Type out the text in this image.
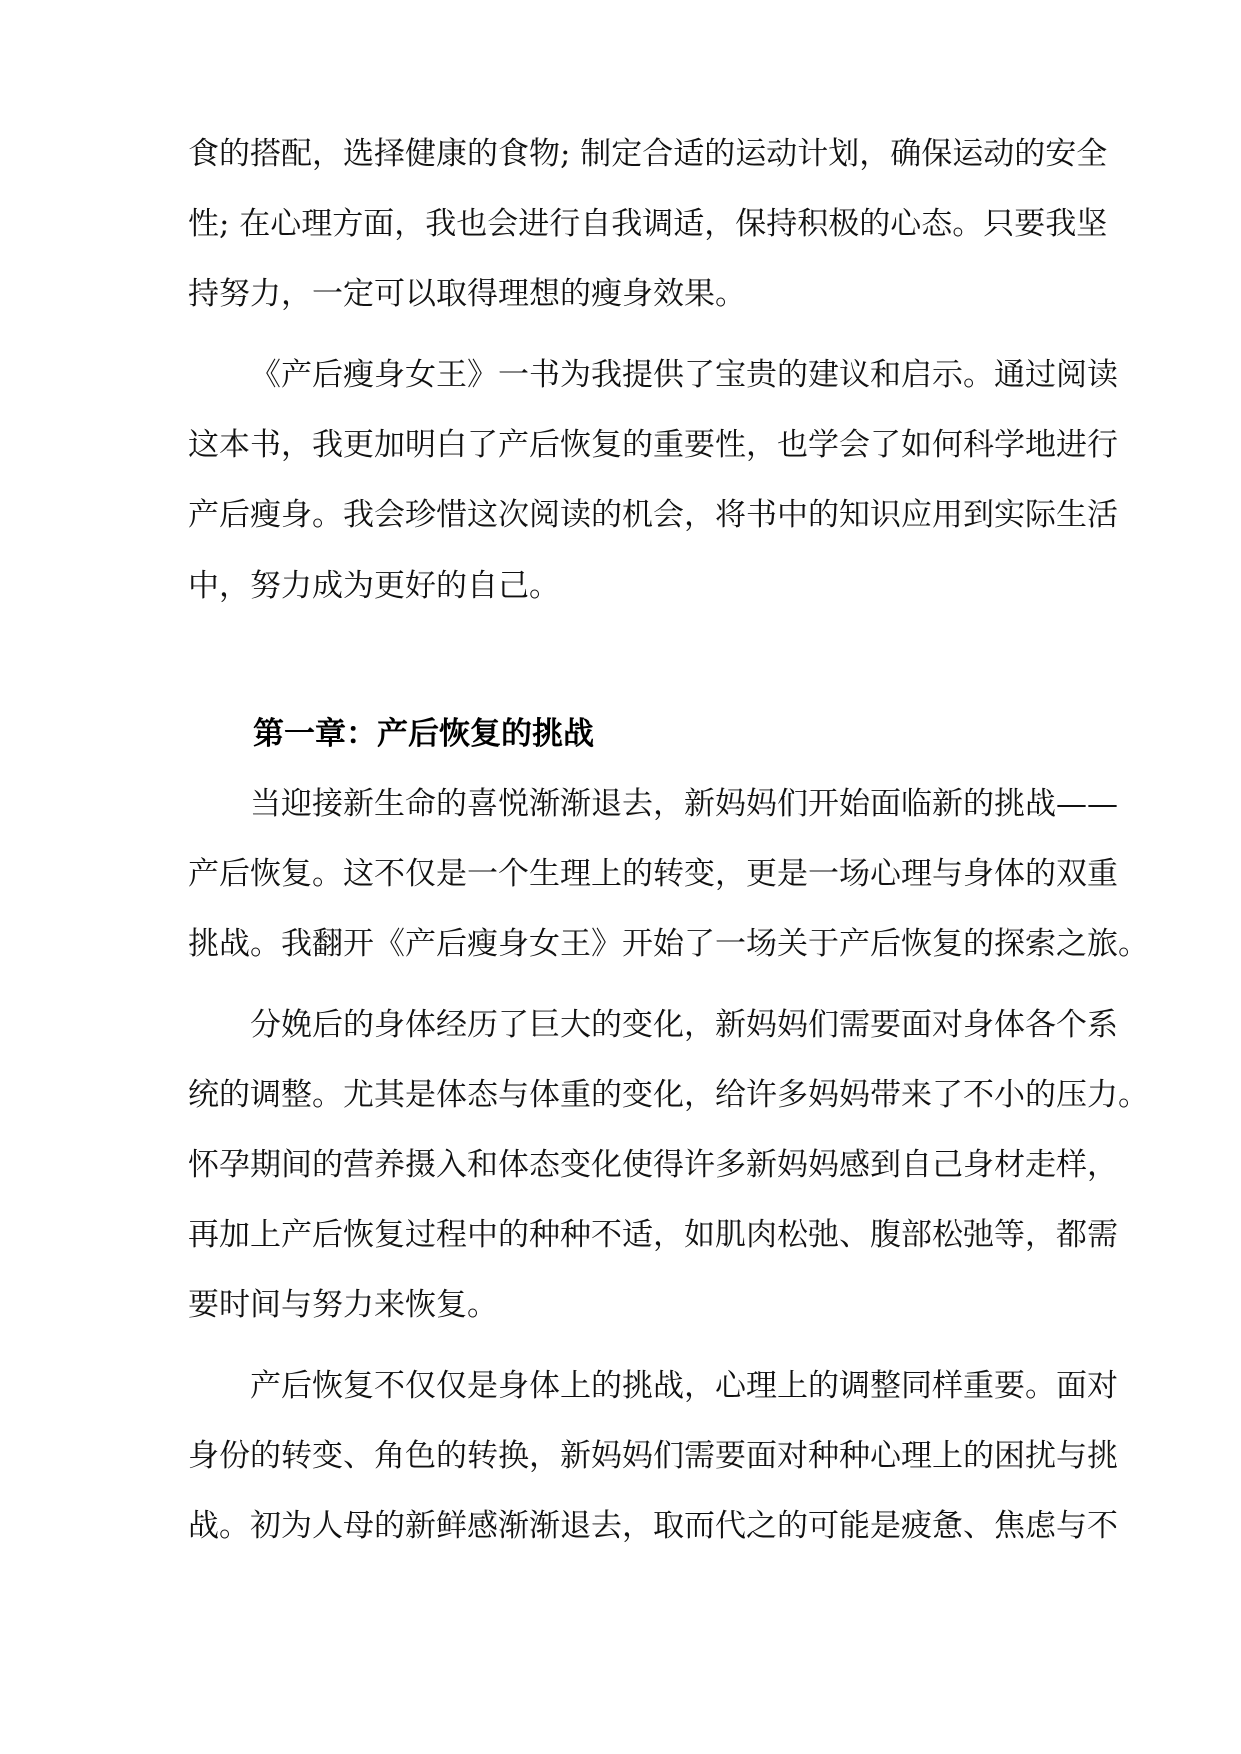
食的搭配，选择健康的食物; 制定合适的运动计划，确保运动的安全
性; 在心理方面，我也会进行自我调适，保持积极的心态。只要我坚
持努力，一定可以取得理想的瘦身效果。
《产后瘦身女王》一书为我提供了宝贵的建议和启示。通过阅读
这本书，我更加明白了产后恢复的重要性，也学会了如何科学地进行
产后瘦身。我会珍惜这次阅读的机会，将书中的知识应用到实际生活
中，努力成为更好的自己。
第一章：产后恢复的挑战
当迎接新生命的喜悦渐渐退去，新妈妈们开始面临新的挑战——
产后恢复。这不仅是一个生理上的转变，更是一场心理与身体的双重
挑战。我翻开《产后瘦身女王》开始了一场关于产后恢复的探索之旅。
分娩后的身体经历了巨大的变化，新妈妈们需要面对身体各个系
统的调整。尤其是体态与体重的变化，给许多妈妈带来了不小的压力。
怀孕期间的营养摄入和体态变化使得许多新妈妈感到自己身材走样，
再加上产后恢复过程中的种种不适，如肌肉松弛、腹部松弛等，都需
要时间与努力来恢复。
产后恢复不仅仅是身体上的挑战，心理上的调整同样重要。面对
身份的转变、角色的转换，新妈妈们需要面对种种心理上的困扰与挑
战。初为人母的新鲜感渐渐退去，取而代之的可能是疲惫、焦虑与不
